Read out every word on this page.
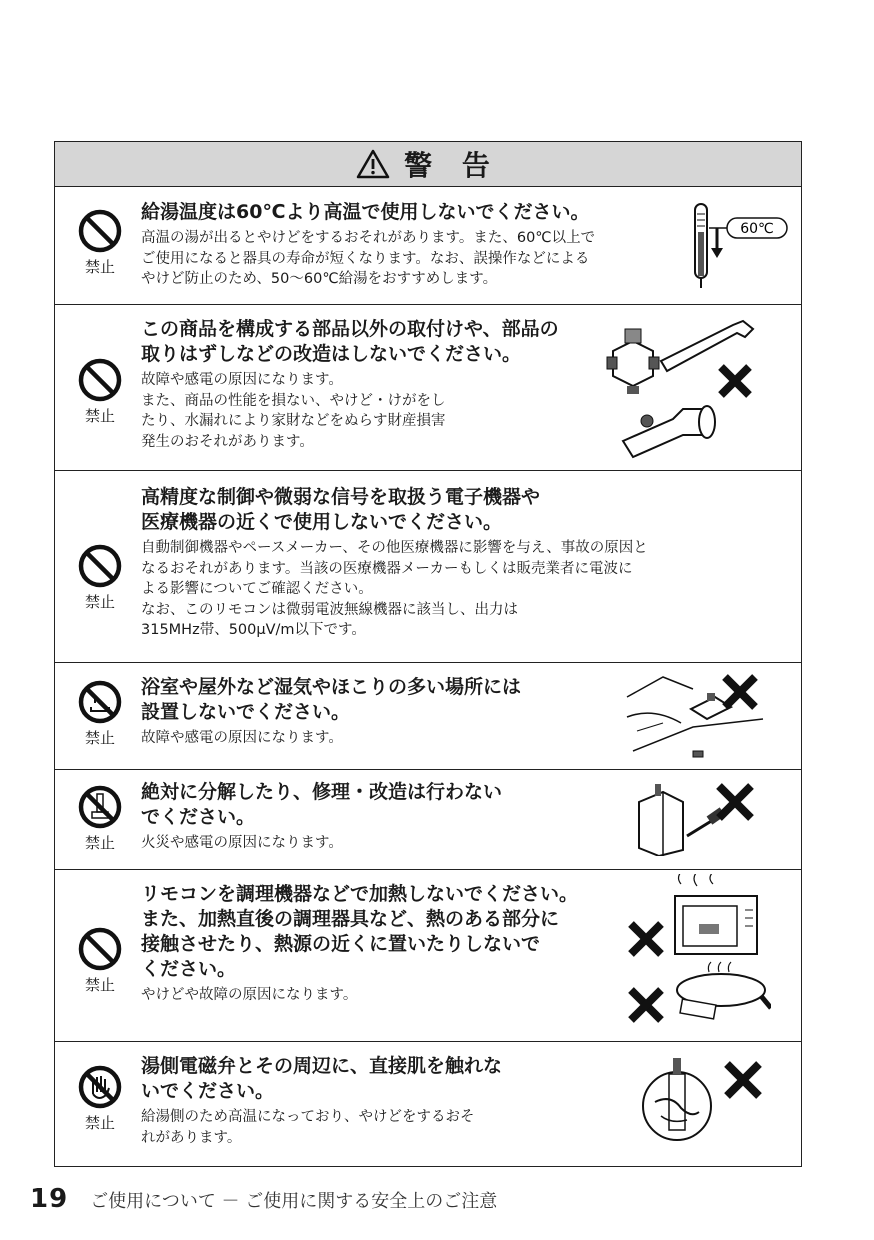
警 告
禁止

給湯温度は60℃より高温で使用しないでください。

高温の湯が出るとやけどをするおそれがあります。また、60℃以上で
ご使用になると器具の寿命が短くなります。なお、誤操作などによる
やけど防止のため、50～60℃給湯をおすすめします。

60℃
禁止

この商品を構成する部品以外の取付けや、部品の
取りはずしなどの改造はしないでください。

故障や感電の原因になります。
また、商品の性能を損ない、やけど・けがをし
たり、水漏れにより家財などをぬらす財産損害
発生のおそれがあります。

禁止

高精度な制御や微弱な信号を取扱う電子機器や
医療機器の近くで使用しないでください。

自動制御機器やペースメーカー、その他医療機器に影響を与え、事故の原因と
なるおそれがあります。当該の医療機器メーカーもしくは販売業者に電波に
よる影響についてご確認ください。
なお、このリモコンは微弱電波無線機器に該当し、出力は
315MHz帯、500μV/m以下です。

禁止

浴室や屋外など湿気やほこりの多い場所には
設置しないでください。

故障や感電の原因になります。

禁止

絶対に分解したり、修理・改造は行わない
でください。

火災や感電の原因になります。

禁止

リモコンを調理機器などで加熱しないでください。
また、加熱直後の調理器具など、熱のある部分に
接触させたり、熱源の近くに置いたりしないで
ください。

やけどや故障の原因になります。

禁止

湯側電磁弁とその周辺に、直接肌を触れな
いでください。

給湯側のため高温になっており、やけどをするおそ
れがあります。

19 ご使用について － ご使用に関する安全上のご注意
